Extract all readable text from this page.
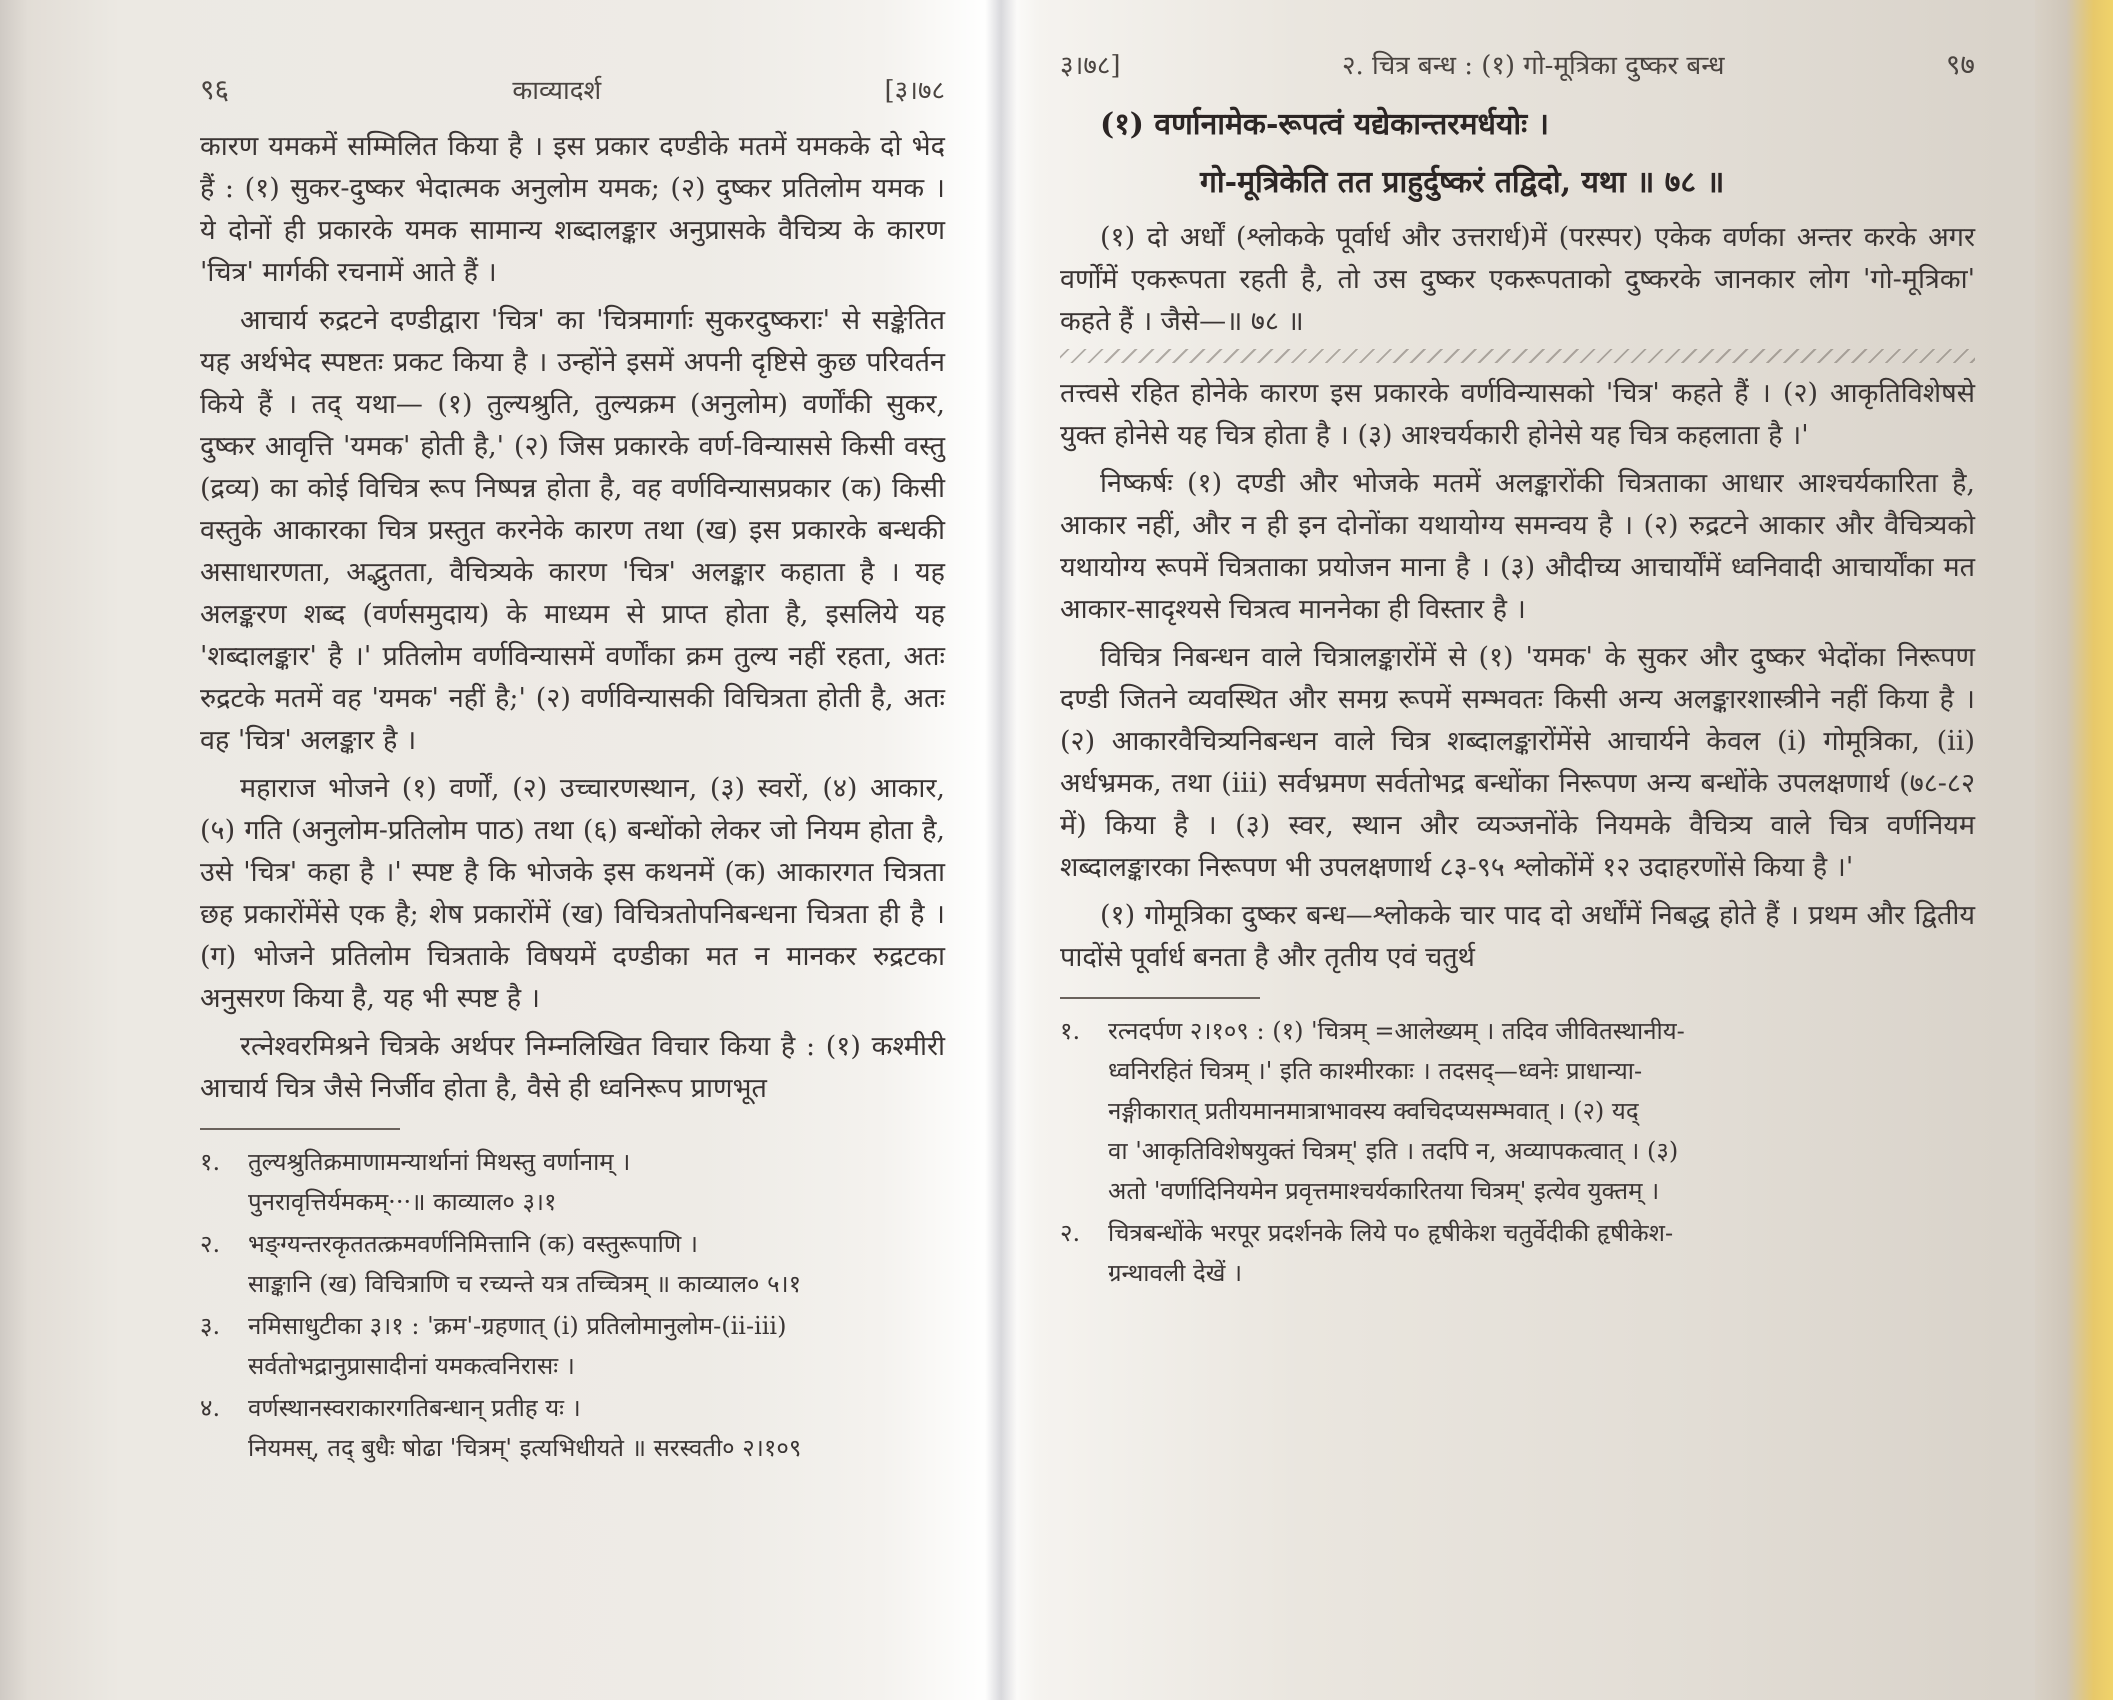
९६	काव्यादर्श	[३।७८

कारण यमकमें सम्मिलित किया है । इस प्रकार दण्डीके मतमें यमकके दो भेद हैं : (१) सुकर-दुष्कर भेदात्मक अनुलोम यमक; (२) दुष्कर प्रतिलोम यमक । ये दोनों ही प्रकारके यमक सामान्य शब्दालङ्कार अनुप्रासके वैचित्र्य के कारण 'चित्र' मार्गकी रचनामें आते हैं ।

आचार्य रुद्रटने दण्डीद्वारा 'चित्र' का 'चित्रमार्गाः सुकरदुष्कराः' से सङ्केतित यह अर्थभेद स्पष्टतः प्रकट किया है । उन्होंने इसमें अपनी दृष्टिसे कुछ परिवर्तन किये हैं । तद् यथा— (१) तुल्यश्रुति, तुल्यक्रम (अनुलोम) वर्णोंकी सुकर, दुष्कर आवृत्ति 'यमक' होती है,' (२) जिस प्रकारके वर्ण-विन्याससे किसी वस्तु (द्रव्य) का कोई विचित्र रूप निष्पन्न होता है, वह वर्णविन्यासप्रकार (क) किसी वस्तुके आकारका चित्र प्रस्तुत करनेके कारण तथा (ख) इस प्रकारके बन्धकी असाधारणता, अद्भुतता, वैचित्र्यके कारण 'चित्र' अलङ्कार कहाता है । यह अलङ्करण शब्द (वर्णसमुदाय) के माध्यम से प्राप्त होता है, इसलिये यह 'शब्दालङ्कार' है ।' प्रतिलोम वर्णविन्यासमें वर्णोंका क्रम तुल्य नहीं रहता, अतः रुद्रटके मतमें वह 'यमक' नहीं है;' (२) वर्णविन्यासकी विचित्रता होती है, अतः वह 'चित्र' अलङ्कार है ।

महाराज भोजने (१) वर्णों, (२) उच्चारणस्थान, (३) स्वरों, (४) आकार, (५) गति (अनुलोम-प्रतिलोम पाठ) तथा (६) बन्धोंको लेकर जो नियम होता है, उसे 'चित्र' कहा है ।' स्पष्ट है कि भोजके इस कथनमें (क) आकारगत चित्रता छह प्रकारोंमेंसे एक है; शेष प्रकारोंमें (ख) विचित्रतोपनिबन्धना चित्रता ही है । (ग) भोजने प्रतिलोम चित्रताके विषयमें दण्डीका मत न मानकर रुद्रटका अनुसरण किया है, यह भी स्पष्ट है ।

रत्नेश्वरमिश्रने चित्रके अर्थपर निम्नलिखित विचार किया है : (१) कश्मीरी आचार्य चित्र जैसे निर्जीव होता है, वैसे ही ध्वनिरूप प्राणभूत

१.	तुल्यश्रुतिक्रमाणामन्यार्थानां मिथस्तु वर्णानाम् ।
पुनरावृत्तिर्यमकम्···॥ काव्याल० ३।१
२.	भङ्ग्यन्तरकृततत्क्रमवर्णनिमित्तानि (क) वस्तुरूपाणि ।
साङ्कानि (ख) विचित्राणि च रच्यन्ते यत्र तच्चित्रम् ॥ काव्याल० ५।१
३.	नमिसाधुटीका ३।१ : 'क्रम'-ग्रहणात् (i) प्रतिलोमानुलोम-(ii-iii)
सर्वतोभद्रानुप्रासादीनां यमकत्वनिरासः ।
४.	वर्णस्थानस्वराकारगतिबन्धान् प्रतीह यः ।
नियमस्, तद् बुधैः षोढा 'चित्रम्' इत्यभिधीयते ॥ सरस्वती० २।१०९
३।७८]	२. चित्र बन्ध : (१) गो-मूत्रिका दुष्कर बन्ध	९७
(१) वर्णानामेक-रूपत्वं यद्येकान्तरमर्धयोः ।
गो-मूत्रिकेति तत प्राहुर्दुष्करं तद्विदो, यथा ॥ ७८ ॥

(१) दो अर्धों (श्लोकके पूर्वार्ध और उत्तरार्ध)में (परस्पर) एकेक वर्णका अन्तर करके अगर वर्णोंमें एकरूपता रहती है, तो उस दुष्कर एकरूपताको दुष्करके जानकार लोग 'गो-मूत्रिका' कहते हैं । जैसे—॥ ७८ ॥

तत्त्वसे रहित होनेके कारण इस प्रकारके वर्णविन्यासको 'चित्र' कहते हैं । (२) आकृतिविशेषसे युक्त होनेसे यह चित्र होता है । (३) आश्चर्यकारी होनेसे यह चित्र कहलाता है ।'

निष्कर्षः (१) दण्डी और भोजके मतमें अलङ्कारोंकी चित्रताका आधार आश्चर्यकारिता है, आकार नहीं, और न ही इन दोनोंका यथायोग्य समन्वय है । (२) रुद्रटने आकार और वैचित्र्यको यथायोग्य रूपमें चित्रताका प्रयोजन माना है । (३) औदीच्य आचार्योंमें ध्वनिवादी आचार्योंका मत आकार-सादृश्यसे चित्रत्व माननेका ही विस्तार है ।

विचित्र निबन्धन वाले चित्रालङ्कारोंमें से (१) 'यमक' के सुकर और दुष्कर भेदोंका निरूपण दण्डी जितने व्यवस्थित और समग्र रूपमें सम्भवतः किसी अन्य अलङ्कारशास्त्रीने नहीं किया है । (२) आकारवैचित्र्यनिबन्धन वाले चित्र शब्दालङ्कारोंमेंसे आचार्यने केवल (i) गोमूत्रिका, (ii) अर्धभ्रमक, तथा (iii) सर्वभ्रमण सर्वतोभद्र बन्धोंका निरूपण अन्य बन्धोंके उपलक्षणार्थ (७८-८२ में) किया है । (३) स्वर, स्थान और व्यञ्जनोंके नियमके वैचित्र्य वाले चित्र वर्णनियम शब्दालङ्कारका निरूपण भी उपलक्षणार्थ ८३-९५ श्लोकोंमें १२ उदाहरणोंसे किया है ।'

(१) गोमूत्रिका दुष्कर बन्ध—श्लोकके चार पाद दो अर्धोंमें निबद्ध होते हैं । प्रथम और द्वितीय पादोंसे पूर्वार्ध बनता है और तृतीय एवं चतुर्थ

१.	रत्नदर्पण २।१०९ : (१) 'चित्रम् =आलेख्यम् । तदिव जीवितस्थानीय-
ध्वनिरहितं चित्रम् ।' इति काश्मीरकाः । तदसद्—ध्वनेः प्राधान्या-
नङ्गीकारात् प्रतीयमानमात्राभावस्य क्वचिदप्यसम्भवात् । (२) यद्
वा 'आकृतिविशेषयुक्तं चित्रम्' इति । तदपि न, अव्यापकत्वात् । (३)
अतो 'वर्णादिनियमेन प्रवृत्तमाश्चर्यकारितया चित्रम्' इत्येव युक्तम् ।
२.	चित्रबन्धोंके भरपूर प्रदर्शनके लिये प० हृषीकेश चतुर्वेदीकी हृषीकेश-
ग्रन्थावली देखें ।
